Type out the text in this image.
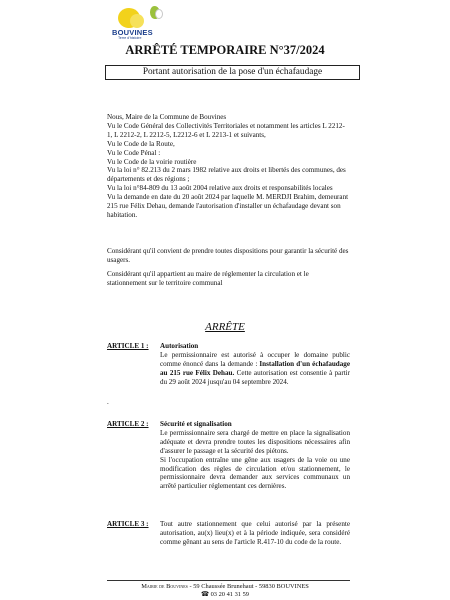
BOUVINES
Terre d'histoire
ARRÊTÉ TEMPORAIRE N°37/2024
Portant autorisation de la pose d'un échafaudage

Nous, Maire de la Commune de Bouvines

Vu le Code Général des Collectivités Territoriales et notamment les articles L 2212-1, L 2212-2, L 2212-5, L2212-6 et L 2213-1 et suivants,

Vu le Code de la Route,

Vu le Code Pénal :

Vu le Code de la voirie routière

Vu la loi n° 82.213 du 2 mars 1982 relative aux droits et libertés des communes, des départements et des régions ;

Vu la loi n°84-809 du 13 août 2004 relative aux droits et responsabilités locales

Vu la demande en date du 20 août 2024 par laquelle M. MERDJI Brahim, demeurant 215 rue Félix Dehau, demande l'autorisation d'installer un échafaudage devant son habitation.

Considérant qu'il convient de prendre toutes dispositions pour garantir la sécurité des usagers.
Considérant qu'il appartient au maire de réglementer la circulation et le stationnement sur le territoire communal
ARRÊTE
ARTICLE 1 : Autorisation

Le permissionnaire est autorisé à occuper le domaine public comme énoncé dans la demande : Installation d'un échafaudage au 215 rue Félix Dehau. Cette autorisation est consentie à partir du 29 août 2024 jusqu'au 04 septembre 2024.

.
ARTICLE 2 : Sécurité et signalisation

Le permissionnaire sera chargé de mettre en place la signalisation adéquate et devra prendre toutes les dispositions nécessaires afin d'assurer le passage et la sécurité des piétons.

Si l'occupation entraîne une gêne aux usagers de la voie ou une modification des règles de circulation et/ou stationnement, le permissionnaire devra demander aux services communaux un arrêté particulier réglementant ces dernières.

ARTICLE 3 : Tout autre stationnement que celui autorisé par la présente autorisation, au(x) lieu(x) et à la période indiquée, sera considéré comme gênant au sens de l'article R.417-10 du code de la route.

Mairie de Bouvines - 59 Chaussée Brunehaut - 59830 BOUVINES
☎ 03 20 41 31 59
